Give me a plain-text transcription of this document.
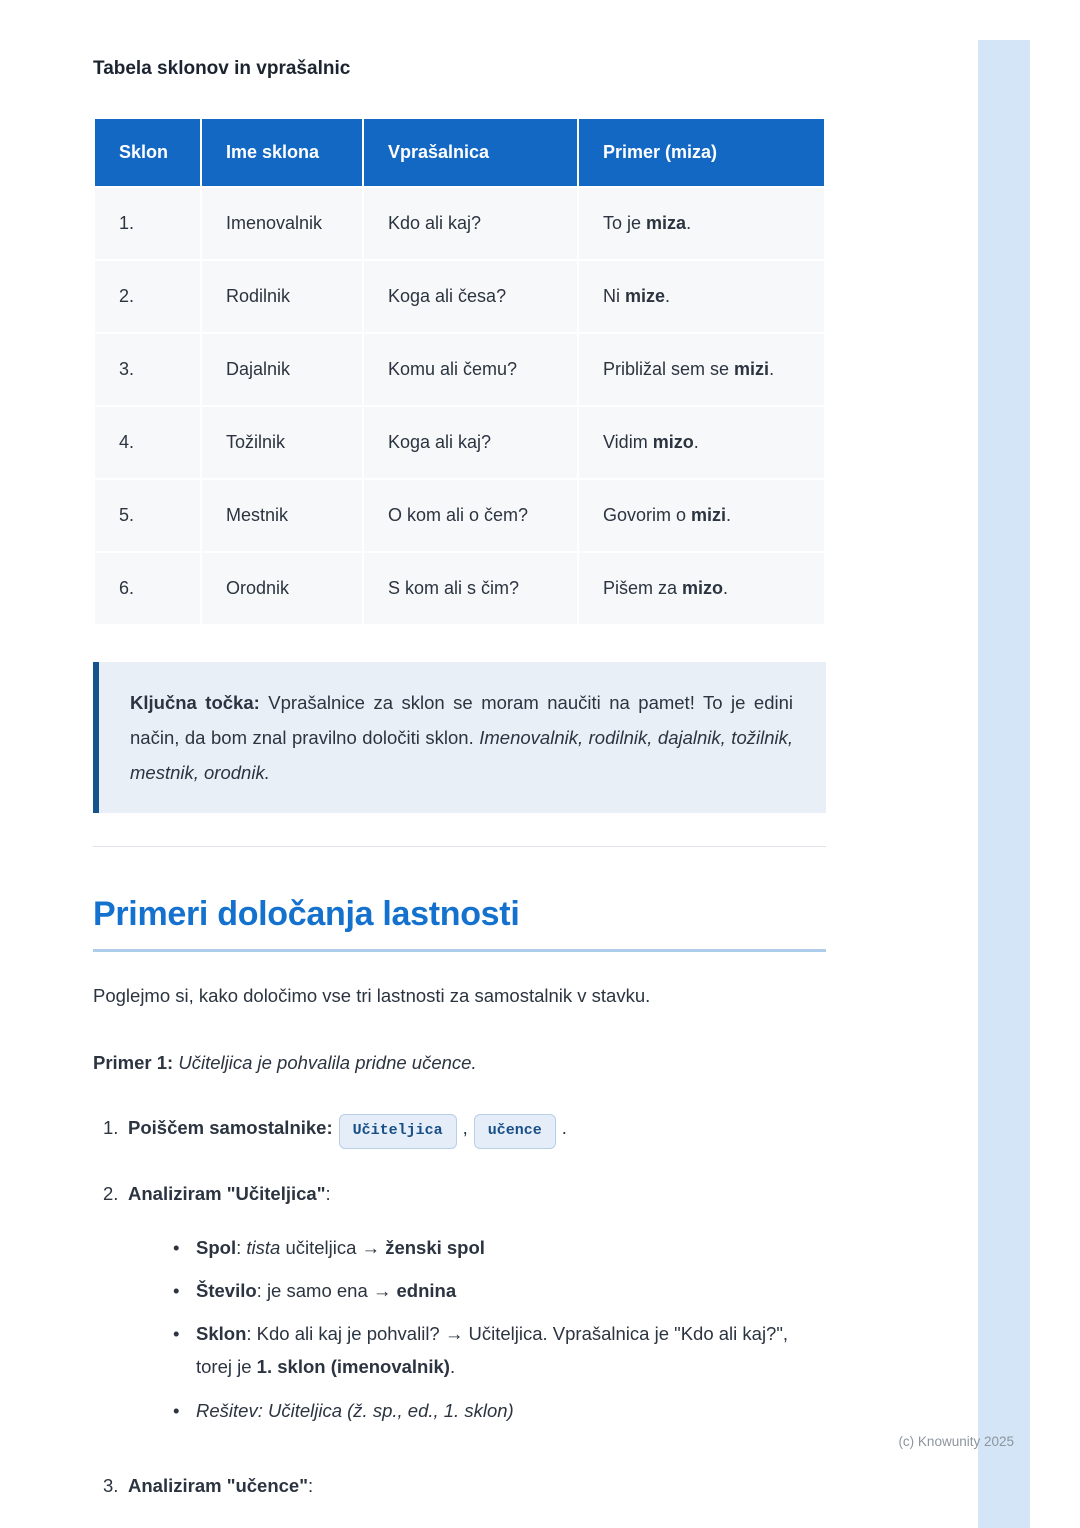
Tabela sklonov in vprašalnic
Sklon	Ime sklona	Vprašalnica	Primer (miza)
1.	Imenovalnik	Kdo ali kaj?	To je miza.
2.	Rodilnik	Koga ali česa?	Ni mize.
3.	Dajalnik	Komu ali čemu?	Približal sem se mizi.
4.	Tožilnik	Koga ali kaj?	Vidim mizo.
5.	Mestnik	O kom ali o čem?	Govorim o mizi.
6.	Orodnik	S kom ali s čim?	Pišem za mizo.
Ključna točka: Vprašalnice za sklon se moram naučiti na pamet! To je edini način, da bom znal pravilno določiti sklon. Imenovalnik, rodilnik, dajalnik, tožilnik, mestnik, orodnik.
Primeri določanja lastnosti

Poglejmo si, kako določimo vse tri lastnosti za samostalnik v stavku.

Primer 1: Učiteljica je pohvalila pridne učence.

1. Poiščem samostalnike: Učiteljica , učence .
2. Analiziram "Učiteljica":
• Spol: tista učiteljica → ženski spol
• Število: je samo ena → ednina
• Sklon: Kdo ali kaj je pohvalil? → Učiteljica. Vprašalnica je "Kdo ali kaj?", torej je 1. sklon (imenovalnik).
• Rešitev: Učiteljica (ž. sp., ed., 1. sklon)
3. Analiziram "učence":
(c) Knowunity 2025
